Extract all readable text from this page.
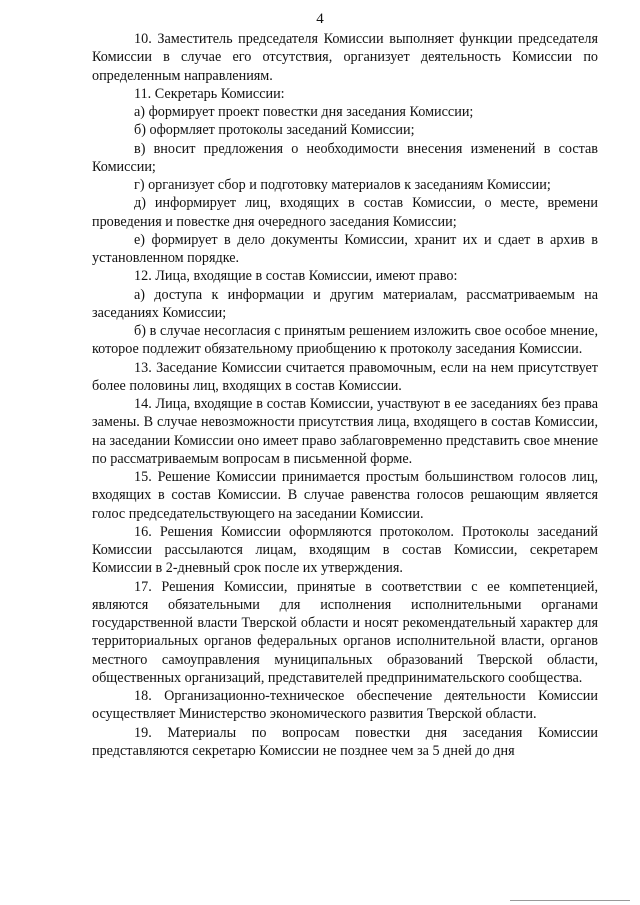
4

10. Заместитель председателя Комиссии выполняет функции председателя Комиссии в случае его отсутствия, организует деятельность Комиссии по определенным направлениям.

11. Секретарь Комиссии:

а) формирует проект повестки дня заседания Комиссии;

б) оформляет протоколы заседаний Комиссии;

в) вносит предложения о необходимости внесения изменений в состав Комиссии;

г) организует сбор и подготовку материалов к заседаниям Комиссии;

д) информирует лиц, входящих в состав Комиссии, о месте, времени проведения и повестке дня очередного заседания Комиссии;

е) формирует в дело документы Комиссии, хранит их и сдает в архив в установленном порядке.

12. Лица, входящие в состав Комиссии, имеют право:

а) доступа к информации и другим материалам, рассматриваемым на заседаниях Комиссии;

б) в случае несогласия с принятым решением изложить свое особое мнение, которое подлежит обязательному приобщению к протоколу заседания Комиссии.

13. Заседание Комиссии считается правомочным, если на нем присутствует более половины лиц, входящих в состав Комиссии.

14. Лица, входящие в состав Комиссии, участвуют в ее заседаниях без права замены. В случае невозможности присутствия лица, входящего в состав Комиссии, на заседании Комиссии оно имеет право заблаговременно представить свое мнение по рассматриваемым вопросам в письменной форме.

15. Решение Комиссии принимается простым большинством голосов лиц, входящих в состав Комиссии. В случае равенства голосов решающим является голос председательствующего на заседании Комиссии.

16. Решения Комиссии оформляются протоколом. Протоколы заседаний Комиссии рассылаются лицам, входящим в состав Комиссии, секретарем Комиссии в 2-дневный срок после их утверждения.

17. Решения Комиссии, принятые в соответствии с ее компетенцией, являются обязательными для исполнения исполнительными органами государственной власти Тверской области и носят рекомендательный характер для территориальных органов федеральных органов исполнительной власти, органов местного самоуправления муниципальных образований Тверской области, общественных организаций, представителей предпринимательского сообщества.

18. Организационно-техническое обеспечение деятельности Комиссии осуществляет Министерство экономического развития Тверской области.

19. Материалы по вопросам повестки дня заседания Комиссии представляются секретарю Комиссии не позднее чем за 5 дней до дня
